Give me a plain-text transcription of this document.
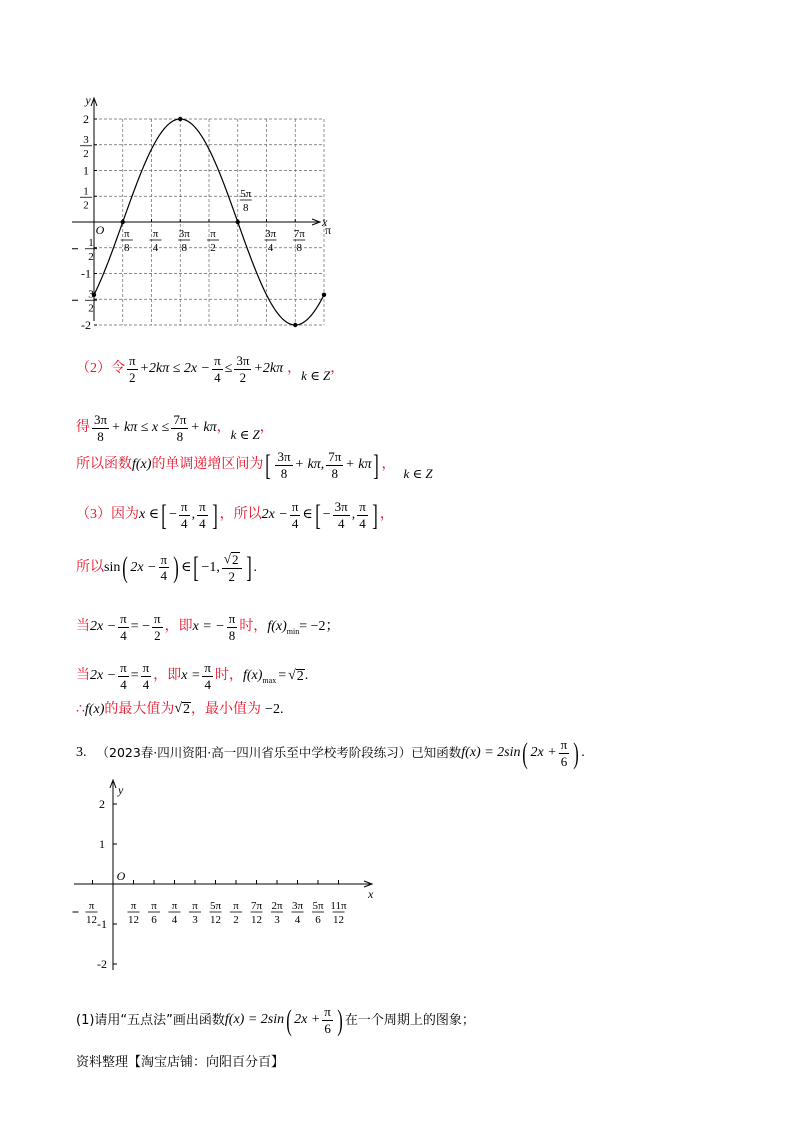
y
x
O
2
3
2
1
1
2
1
2
-1
3
2
-2
π
8
π
4
3π
8
π
2
3π
4
7π
8
π
5π
8
（2）令 $\frac{\pi}{2} +2k\pi \le 2x - \frac{\pi}{4} \le \frac{3\pi}{2} +2k\pi$ ， k ∈ Z ，
得 $\frac{3\pi}{8} + k\pi \le x \le \frac{7\pi}{8} + k\pi$ ， k ∈ Z ，
所以函数 f(x) 的单调递增区间为 [ $\frac{3\pi}{8} + k\pi$, $\frac{7\pi}{8} + k\pi$ ] ，
k ∈ Z
（3）因为 x ∈ [ − $\frac{\pi}{4}$ , $\frac{\pi}{4}$ ] ，所以 $2x - \frac{\pi}{4}$ ∈ [ − $\frac{3\pi}{4}$ , $\frac{\pi}{4}$ ] ，
所以 sin ( $2x - \frac{\pi}{4}$ ) ∈ [ −1, $\frac{√ 2}{2}$ ] .
当 $2x - \frac{\pi}{4}$ = − $\frac{\pi}{2}$ ，即 x = − $\frac{\pi}{8}$ 时， f(x) min = −2；
当 $2x - \frac{\pi}{4} = \frac{\pi}{4}$ ，即 $x = \frac{\pi}{4}$ 时， f(x) max = √ 2 .
∴ f(x) 的最大值为 √ 2 ，最小值为 −2.
3. （2023春·四川资阳·高一四川省乐至中学校考阶段练习）已知函数 f(x) = 2sin ( $2x + \frac{\pi}{6}$ ) .
y
x
O
2
1
-1
-2
π
12
π
12
π
6
π
4
π
3
5π
12
π
2
7π
12
2π
3
3π
4
5π
6
11π
12
(1)请用“五点法”画出函数 f(x) = 2sin ( $2x + \frac{\pi}{6}$ ) 在一个周期上的图象；
资料整理【淘宝店铺：向阳百分百】
